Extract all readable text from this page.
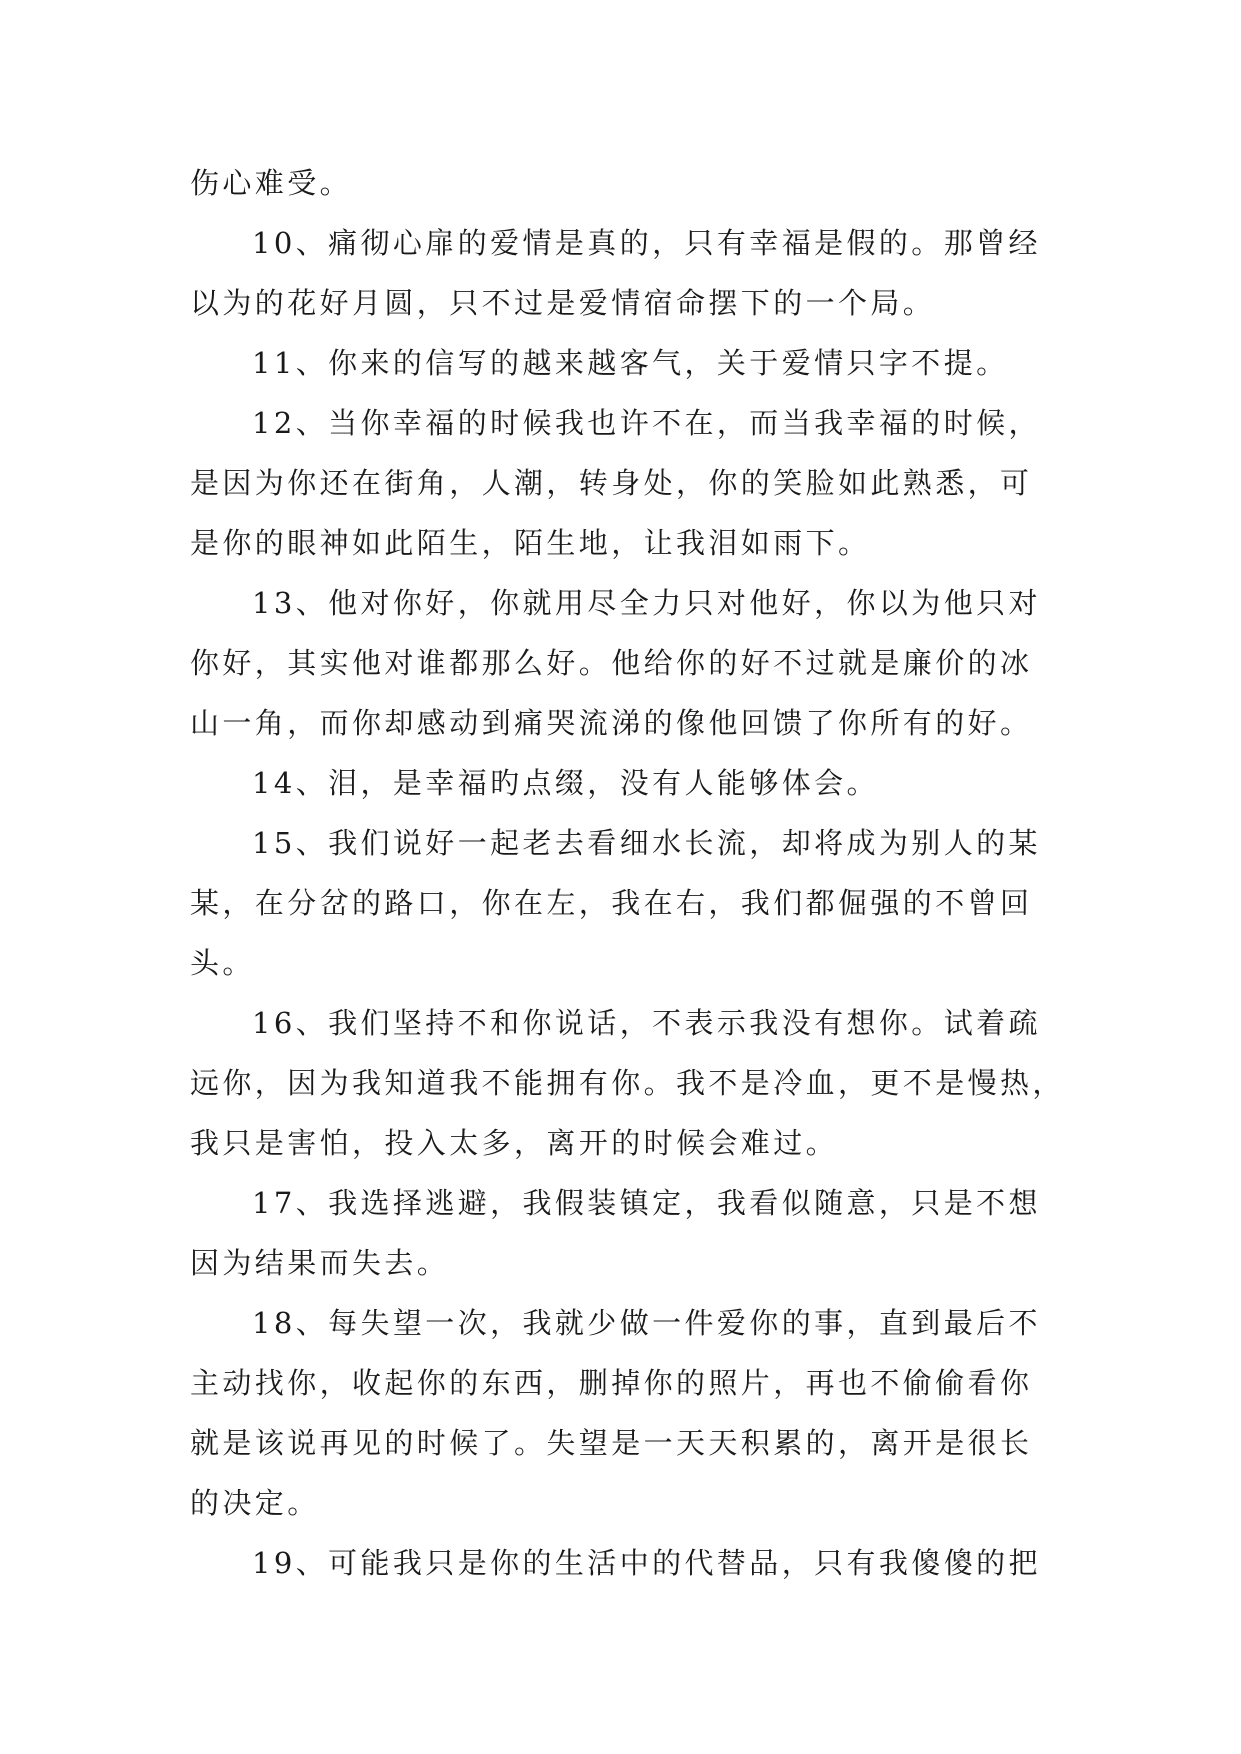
伤心难受。
10、痛彻心扉的爱情是真的，只有幸福是假的。那曾经
以为的花好月圆，只不过是爱情宿命摆下的一个局。
11、你来的信写的越来越客气，关于爱情只字不提。
12、当你幸福的时候我也许不在，而当我幸福的时候，
是因为你还在街角，人潮，转身处，你的笑脸如此熟悉，可
是你的眼神如此陌生，陌生地，让我泪如雨下。
13、他对你好，你就用尽全力只对他好，你以为他只对
你好，其实他对谁都那么好。他给你的好不过就是廉价的冰
山一角，而你却感动到痛哭流涕的像他回馈了你所有的好。
14、泪，是幸福旳点缀，没有人能够体会。
15、我们说好一起老去看细水长流，却将成为别人的某
某，在分岔的路口，你在左，我在右，我们都倔强的不曾回
头。
16、我们坚持不和你说话，不表示我没有想你。试着疏
远你，因为我知道我不能拥有你。我不是冷血，更不是慢热，
我只是害怕，投入太多，离开的时候会难过。
17、我选择逃避，我假装镇定，我看似随意，只是不想
因为结果而失去。
18、每失望一次，我就少做一件爱你的事，直到最后不
主动找你，收起你的东西，删掉你的照片，再也不偷偷看你
就是该说再见的时候了。失望是一天天积累的，离开是很长
的决定。
19、可能我只是你的生活中的代替品，只有我傻傻的把
